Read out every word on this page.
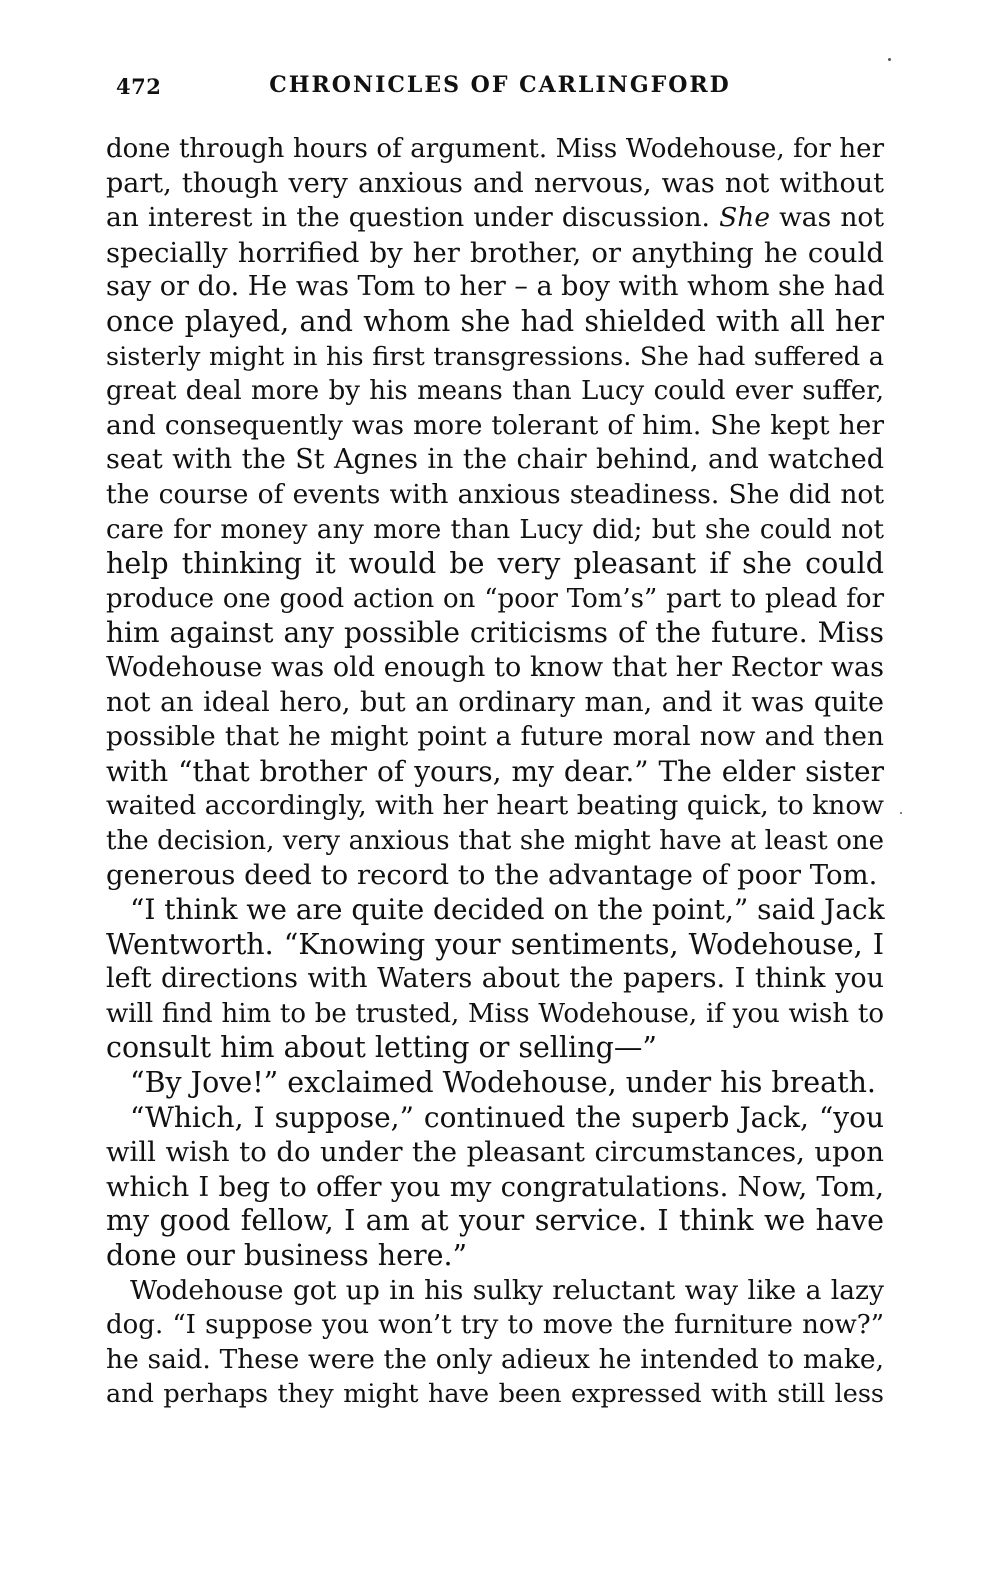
472	CHRONICLES OF CARLINGFORD
done through hours of argument. Miss Wodehouse, for her
part, though very anxious and nervous, was not without
an interest in the question under discussion. She was not
specially horrified by her brother, or anything he could
say or do. He was Tom to her – a boy with whom she had
once played, and whom she had shielded with all her
sisterly might in his first transgressions. She had suffered a
great deal more by his means than Lucy could ever suffer,
and consequently was more tolerant of him. She kept her
seat with the St Agnes in the chair behind, and watched
the course of events with anxious steadiness. She did not
care for money any more than Lucy did; but she could not
help thinking it would be very pleasant if she could
produce one good action on “poor Tom’s” part to plead for
him against any possible criticisms of the future. Miss
Wodehouse was old enough to know that her Rector was
not an ideal hero, but an ordinary man, and it was quite
possible that he might point a future moral now and then
with “that brother of yours, my dear.” The elder sister
waited accordingly, with her heart beating quick, to know
the decision, very anxious that she might have at least one
generous deed to record to the advantage of poor Tom.
“I think we are quite decided on the point,” said Jack
Wentworth. “Knowing your sentiments, Wodehouse, I
left directions with Waters about the papers. I think you
will find him to be trusted, Miss Wodehouse, if you wish to
consult him about letting or selling—”
“By Jove!” exclaimed Wodehouse, under his breath.
“Which, I suppose,” continued the superb Jack, “you
will wish to do under the pleasant circumstances, upon
which I beg to offer you my congratulations. Now, Tom,
my good fellow, I am at your service. I think we have
done our business here.”
Wodehouse got up in his sulky reluctant way like a lazy
dog. “I suppose you won’t try to move the furniture now?”
he said. These were the only adieux he intended to make,
and perhaps they might have been expressed with still less
